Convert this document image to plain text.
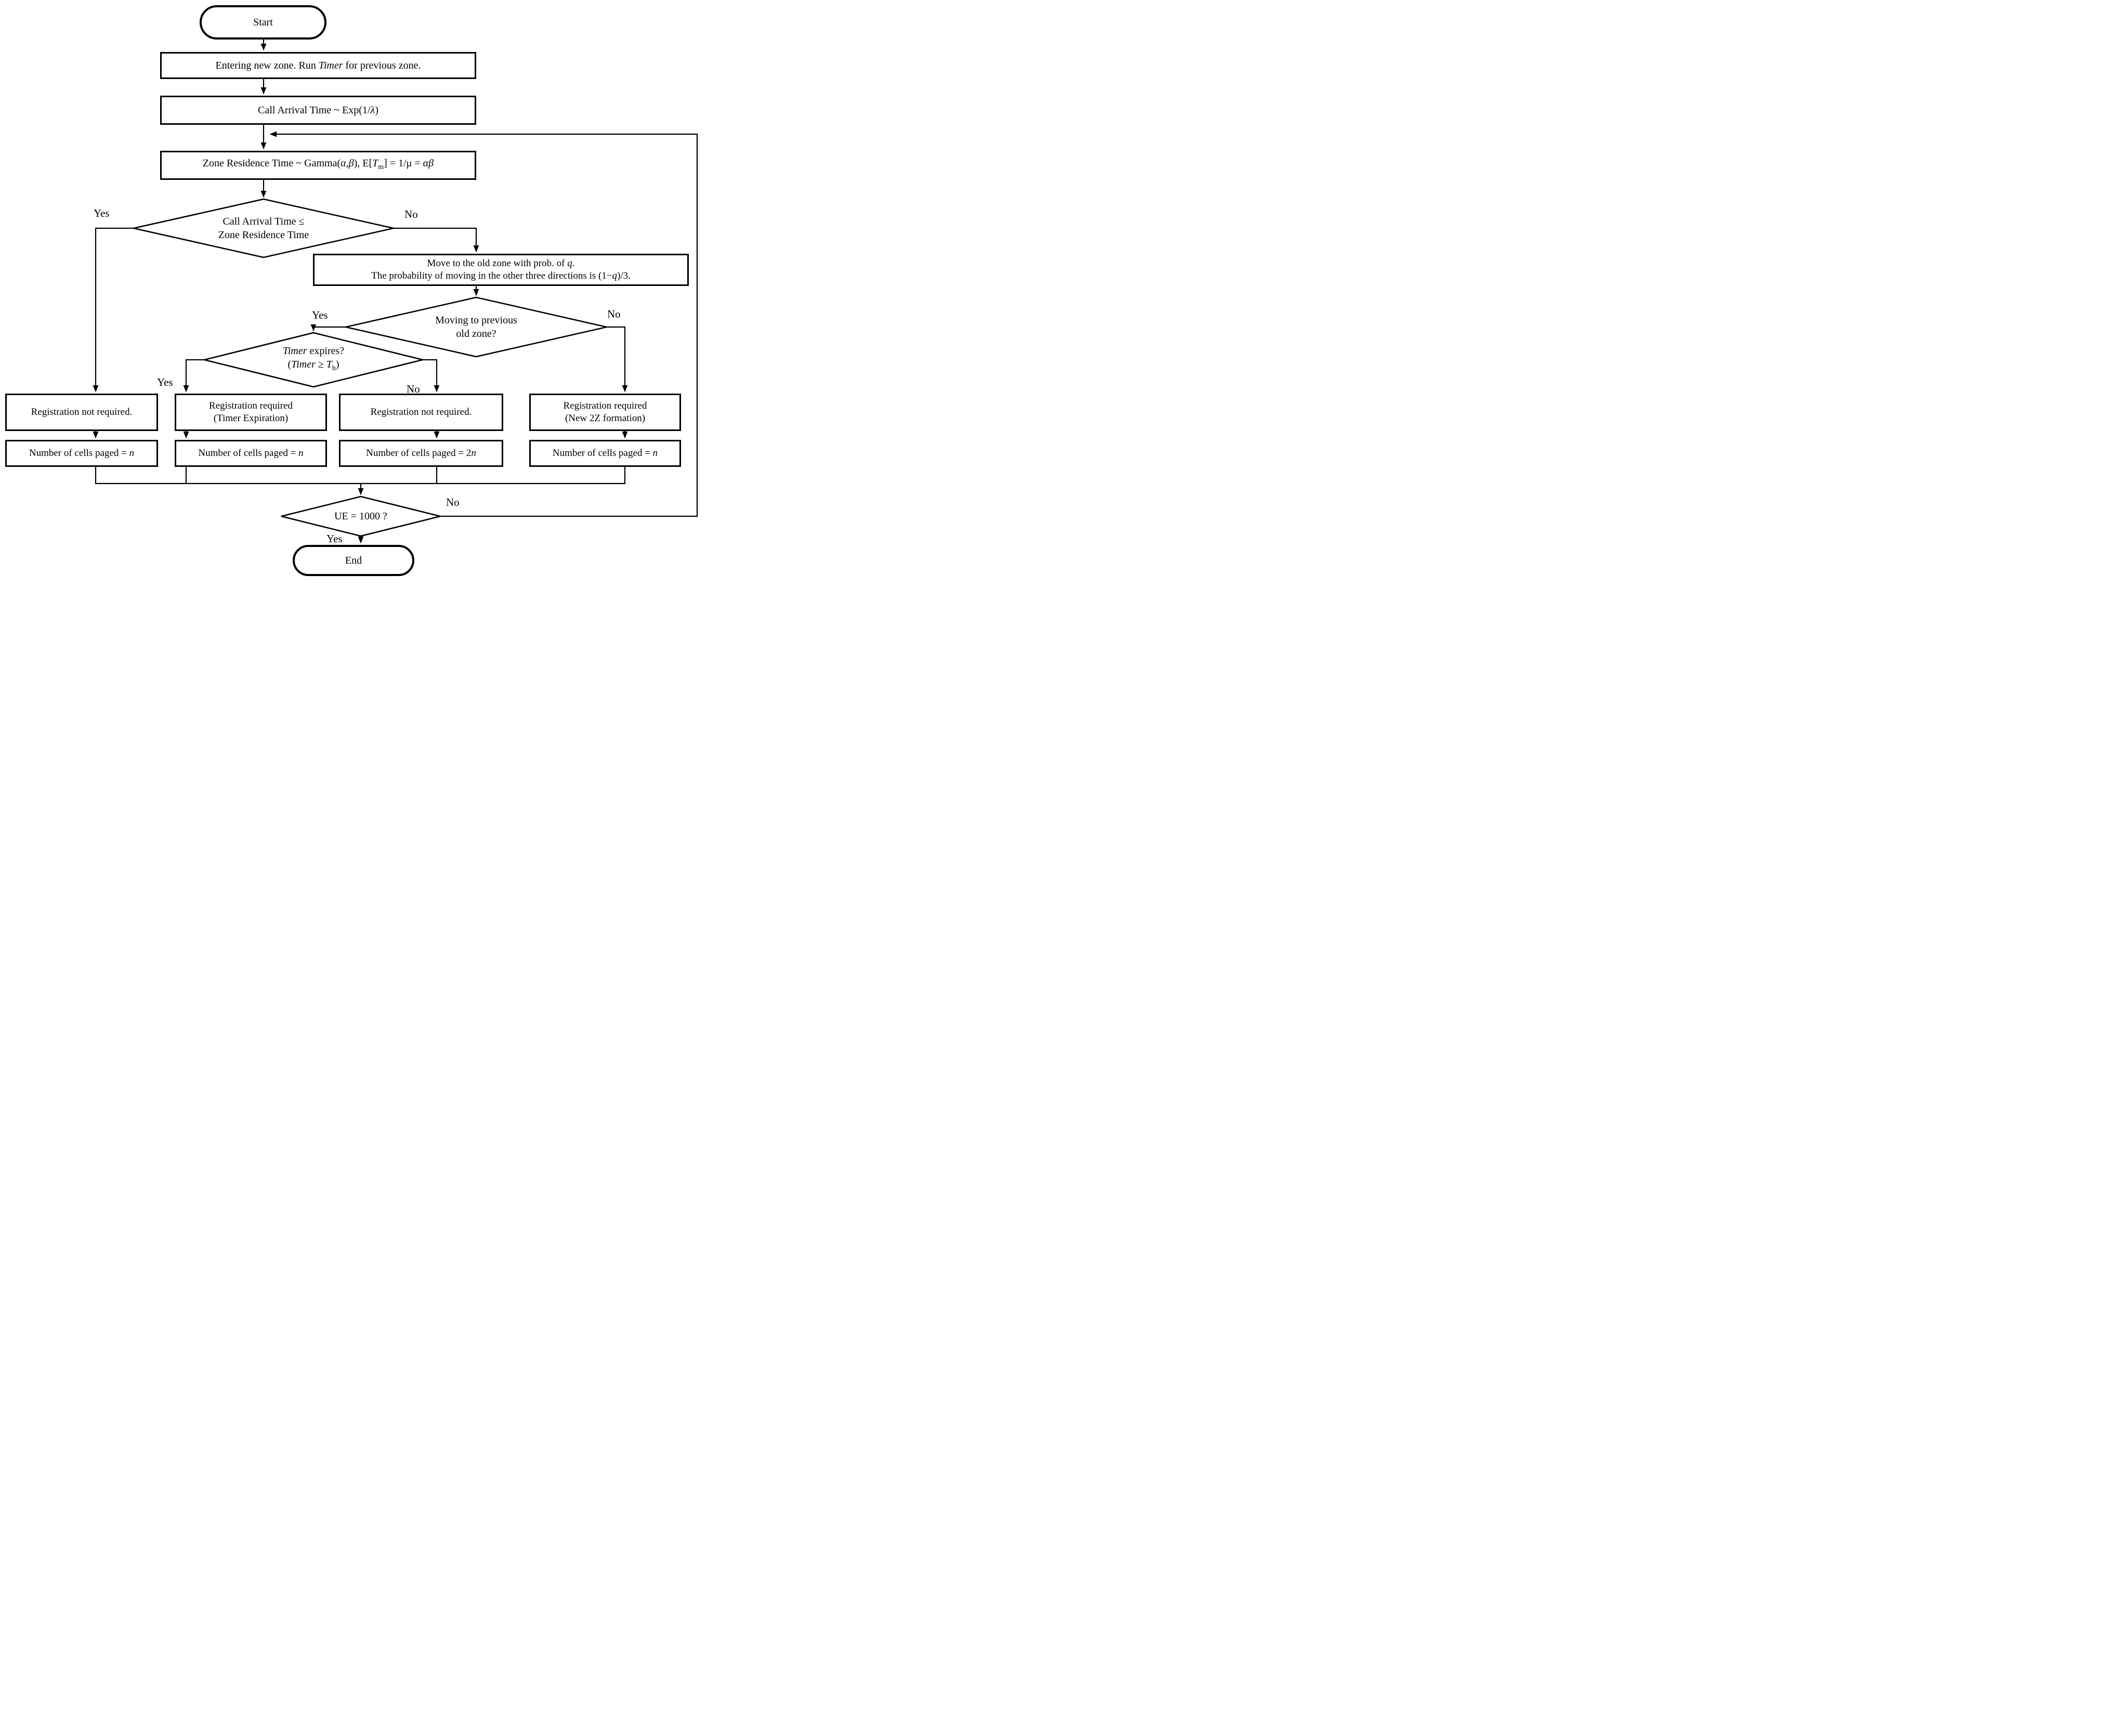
Start
End
Entering new zone. Run Timer for previous zone.
Call Arrival Time ~ Exp(1/λ)
Zone Residence Time ~ Gamma(α,β), $E[T_m] = 1/\mu = \alpha\beta$
Move to the old zone with prob. of q.
The probability of moving in the other three directions is (1−q)/3.
Registration not required.
Registration required
(Timer Expiration)
Registration not required.
Registration required
(New 2Z formation)
Number of cells paged = n	Number of cells paged = n	Number of cells paged = 2n	Number of cells paged = n
Call Arrival Time ≤
Zone Residence Time
Moving to previous
old zone?
Timer expires?
(Timer ≥ $T_h$)
UE = 1000 ?
Yes	No
Yes	No
Yes
No
No
Yes
